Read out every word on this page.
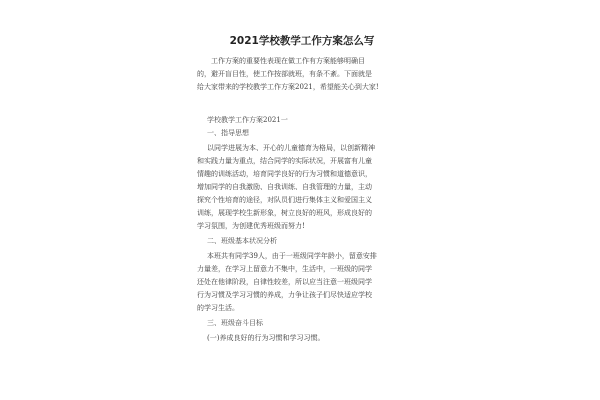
2021学校教学工作方案怎么写
工作方案的重要性表现在做工作有方案能够明确目
的，避开盲目性，使工作按部就班，有条不紊。下面就是
给大家带来的学校教学工作方案2021，希望能关心到大家!
学校教学工作方案2021一
一、指导思想
以同学进展为本、开心的儿童德育为格局，以创新精神
和实践力量为重点，结合同学的实际状况，开展富有儿童
情趣的训练活动，培育同学良好的行为习惯和道德意识，
增加同学的自我激励、自我训练、自我管理的力量，主动
探究个性培育的途径，对队员们进行集体主义和爱国主义
训练，展现学校生新形象，树立良好的班风，形成良好的
学习氛围，为创建优秀班级而努力!
二、班级基本状况分析
本班共有同学39人，由于一班级同学年龄小，留意安排
力量差，在学习上留意力不集中，生活中，一班级的同学
还处在他律阶段，自律性较差，所以应当注意一班级同学
行为习惯及学习习惯的养成，力争让孩子们尽快适应学校
的学习生活。
三、班级奋斗目标
(一)养成良好的行为习惯和学习习惯。
